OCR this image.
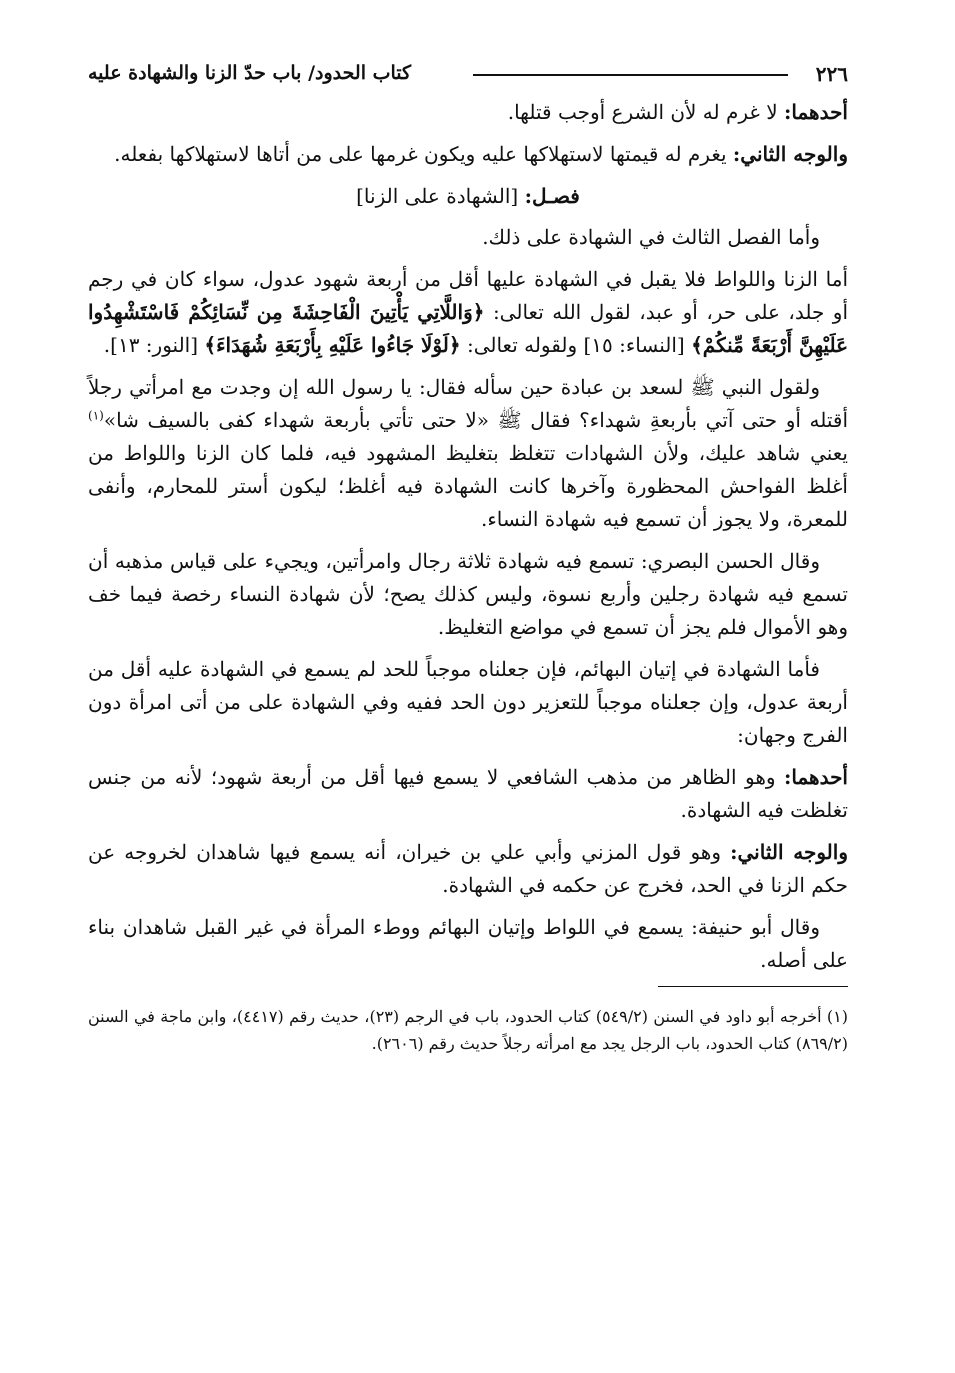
٢٢٦
كتاب الحدود/ باب حدّ الزنا والشهادة عليه

أحدهما: لا غرم له لأن الشرع أوجب قتلها.

والوجه الثاني: يغرم له قيمتها لاستهلاكها عليه ويكون غرمها على من أتاها لاستهلاكها بفعله.

فصـل: [الشهادة على الزنا]

وأما الفصل الثالث في الشهادة على ذلك.

أما الزنا واللواط فلا يقبل في الشهادة عليها أقل من أربعة شهود عدول، سواء كان في رجم أو جلد، على حر، أو عبد، لقول الله تعالى: ﴿وَاللَّاتِي يَأْتِينَ الْفَاحِشَةَ مِن نِّسَائِكُمْ فَاسْتَشْهِدُوا عَلَيْهِنَّ أَرْبَعَةً مِّنكُمْ﴾ [النساء: ١٥] ولقوله تعالى: ﴿لَوْلَا جَاءُوا عَلَيْهِ بِأَرْبَعَةِ شُهَدَاءَ﴾ [النور: ١٣].

ولقول النبي ﷺ لسعد بن عبادة حين سأله فقال: يا رسول الله إن وجدت مع امرأتي رجلاً أقتله أو حتى آتي بأربعةِ شهداء؟ فقال ﷺ «لا حتى تأتي بأربعة شهداء كفى بالسيف شا»$^{(١)}$ يعني شاهد عليك، ولأن الشهادات تتغلظ بتغليظ المشهود فيه، فلما كان الزنا واللواط من أغلظ الفواحش المحظورة وآخرها كانت الشهادة فيه أغلظ؛ ليكون أستر للمحارم، وأنفى للمعرة، ولا يجوز أن تسمع فيه شهادة النساء.

وقال الحسن البصري: تسمع فيه شهادة ثلاثة رجال وامرأتين، ويجيء على قياس مذهبه أن تسمع فيه شهادة رجلين وأربع نسوة، وليس كذلك يصح؛ لأن شهادة النساء رخصة فيما خف وهو الأموال فلم يجز أن تسمع في مواضع التغليظ.

فأما الشهادة في إتيان البهائم، فإن جعلناه موجباً للحد لم يسمع في الشهادة عليه أقل من أربعة عدول، وإن جعلناه موجباً للتعزير دون الحد ففيه وفي الشهادة على من أتى امرأة دون الفرج وجهان:

أحدهما: وهو الظاهر من مذهب الشافعي لا يسمع فيها أقل من أربعة شهود؛ لأنه من جنس تغلظت فيه الشهادة.

والوجه الثاني: وهو قول المزني وأبي علي بن خيران، أنه يسمع فيها شاهدان لخروجه عن حكم الزنا في الحد، فخرج عن حكمه في الشهادة.

وقال أبو حنيفة: يسمع في اللواط وإتيان البهائم ووطء المرأة في غير القبل شاهدان بناء على أصله.

(١) أخرجه أبو داود في السنن (٥٤٩/٢) كتاب الحدود، باب في الرجم (٢٣)، حديث رقم (٤٤١٧)، وابن ماجة في السنن (٨٦٩/٢) كتاب الحدود، باب الرجل يجد مع امرأته رجلاً حديث رقم (٢٦٠٦).
